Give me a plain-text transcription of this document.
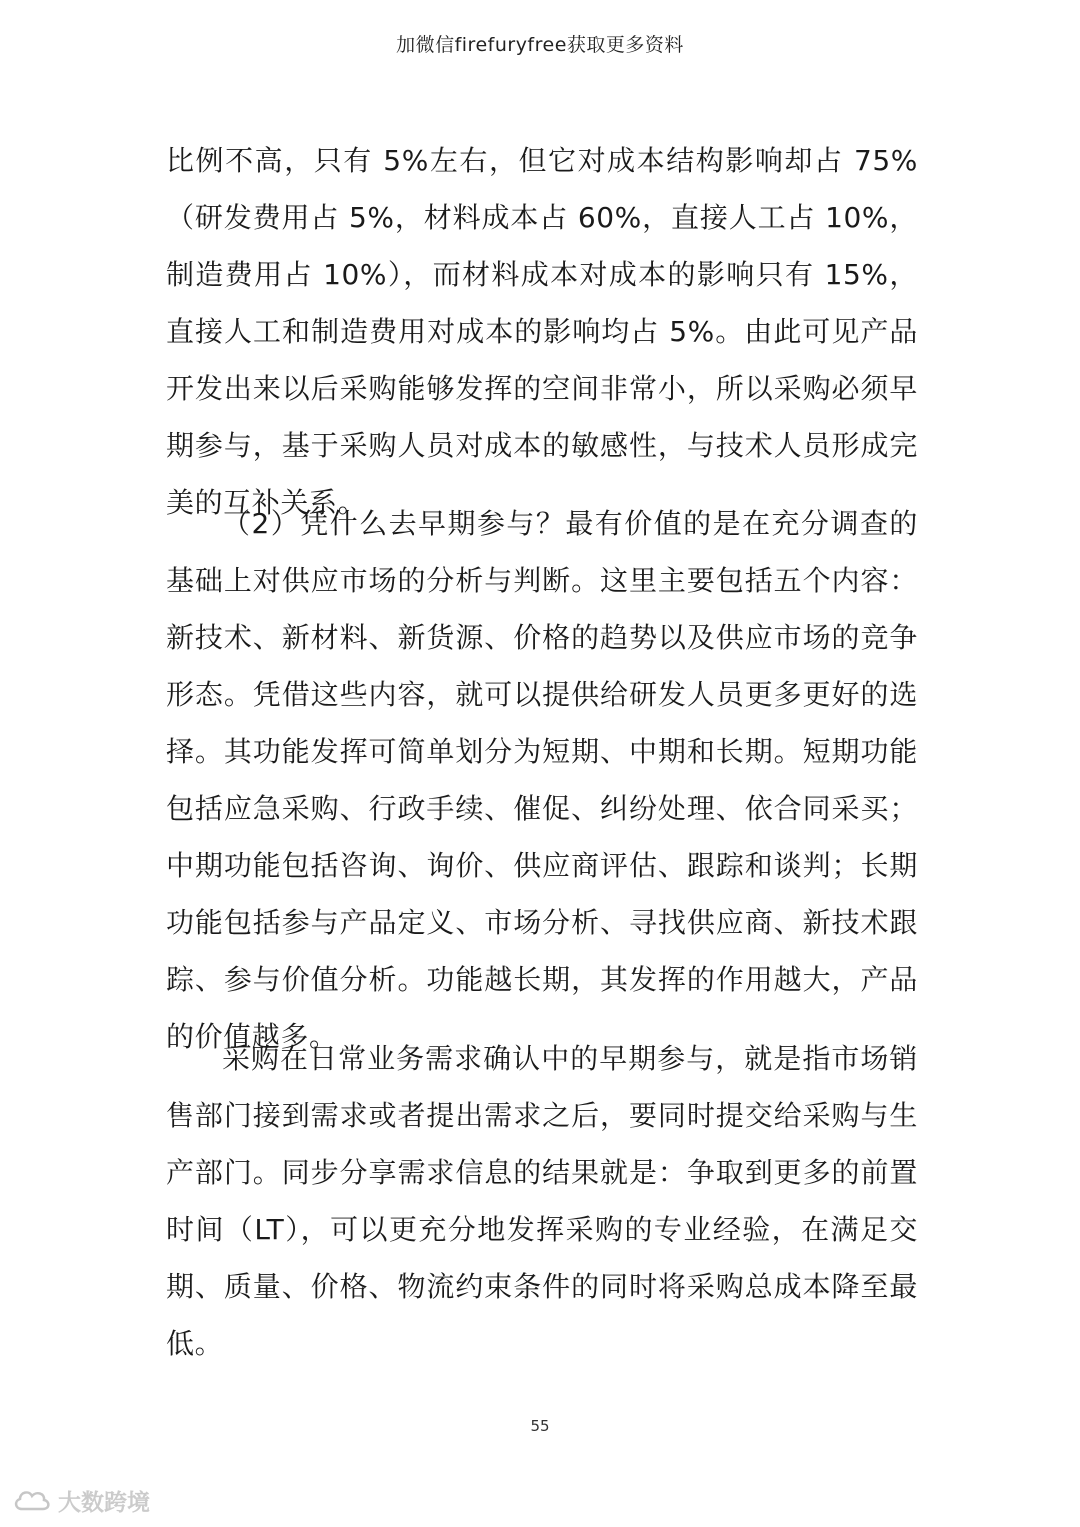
加微信firefuryfree获取更多资料

比例不高，只有 5%左右，但它对成本结构影响却占 75%（研发费用占 5%，材料成本占 60%，直接人工占 10%，制造费用占 10%），而材料成本对成本的影响只有 15%，直接人工和制造费用对成本的影响均占 5%。由此可见产品开发出来以后采购能够发挥的空间非常小，所以采购必须早期参与，基于采购人员对成本的敏感性，与技术人员形成完美的互补关系。

（2）凭什么去早期参与？最有价值的是在充分调查的基础上对供应市场的分析与判断。这里主要包括五个内容：新技术、新材料、新货源、价格的趋势以及供应市场的竞争形态。凭借这些内容，就可以提供给研发人员更多更好的选择。其功能发挥可简单划分为短期、中期和长期。短期功能包括应急采购、行政手续、催促、纠纷处理、依合同采买；中期功能包括咨询、询价、供应商评估、跟踪和谈判；长期功能包括参与产品定义、市场分析、寻找供应商、新技术跟踪、参与价值分析。功能越长期，其发挥的作用越大，产品的价值越多。

采购在日常业务需求确认中的早期参与，就是指市场销售部门接到需求或者提出需求之后，要同时提交给采购与生产部门。同步分享需求信息的结果就是：争取到更多的前置时间（LT），可以更充分地发挥采购的专业经验，在满足交期、质量、价格、物流约束条件的同时将采购总成本降至最低。

55
大数跨境
